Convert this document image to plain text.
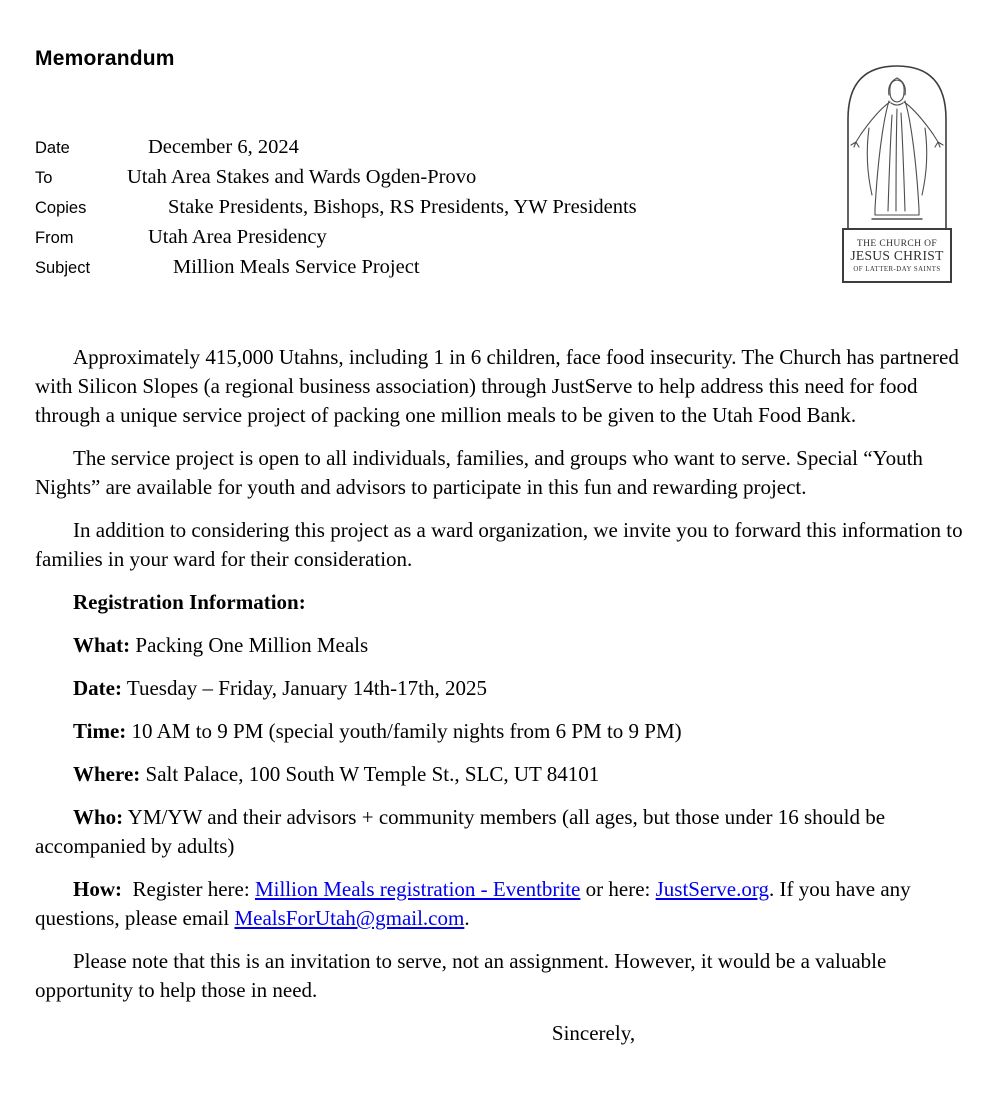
Memorandum
THE CHURCH OF
JESUS CHRIST
OF LATTER-DAY SAINTS
Date	December 6, 2024
To	Utah Area Stakes and Wards Ogden-Provo
Copies	Stake Presidents, Bishops, RS Presidents, YW Presidents
From	Utah Area Presidency
Subject	Million Meals Service Project

Approximately 415,000 Utahns, including 1 in 6 children, face food insecurity. The Church has partnered with Silicon Slopes (a regional business association) through JustServe to help address this need for food through a unique service project of packing one million meals to be given to the Utah Food Bank.

The service project is open to all individuals, families, and groups who want to serve. Special “Youth Nights” are available for youth and advisors to participate in this fun and rewarding project.

In addition to considering this project as a ward organization, we invite you to forward this information to families in your ward for their consideration.

Registration Information:

What: Packing One Million Meals

Date: Tuesday – Friday, January 14th-17th, 2025

Time: 10 AM to 9 PM (special youth/family nights from 6 PM to 9 PM)

Where: Salt Palace, 100 South W Temple St., SLC, UT 84101

Who: YM/YW and their advisors + community members (all ages, but those under 16 should be accompanied by adults)

How:  Register here: Million Meals registration - Eventbrite or here: JustServe.org. If you have any questions, please email MealsForUtah@gmail.com.

Please note that this is an invitation to serve, not an assignment. However, it would be a valuable opportunity to help those in need.

Sincerely,
